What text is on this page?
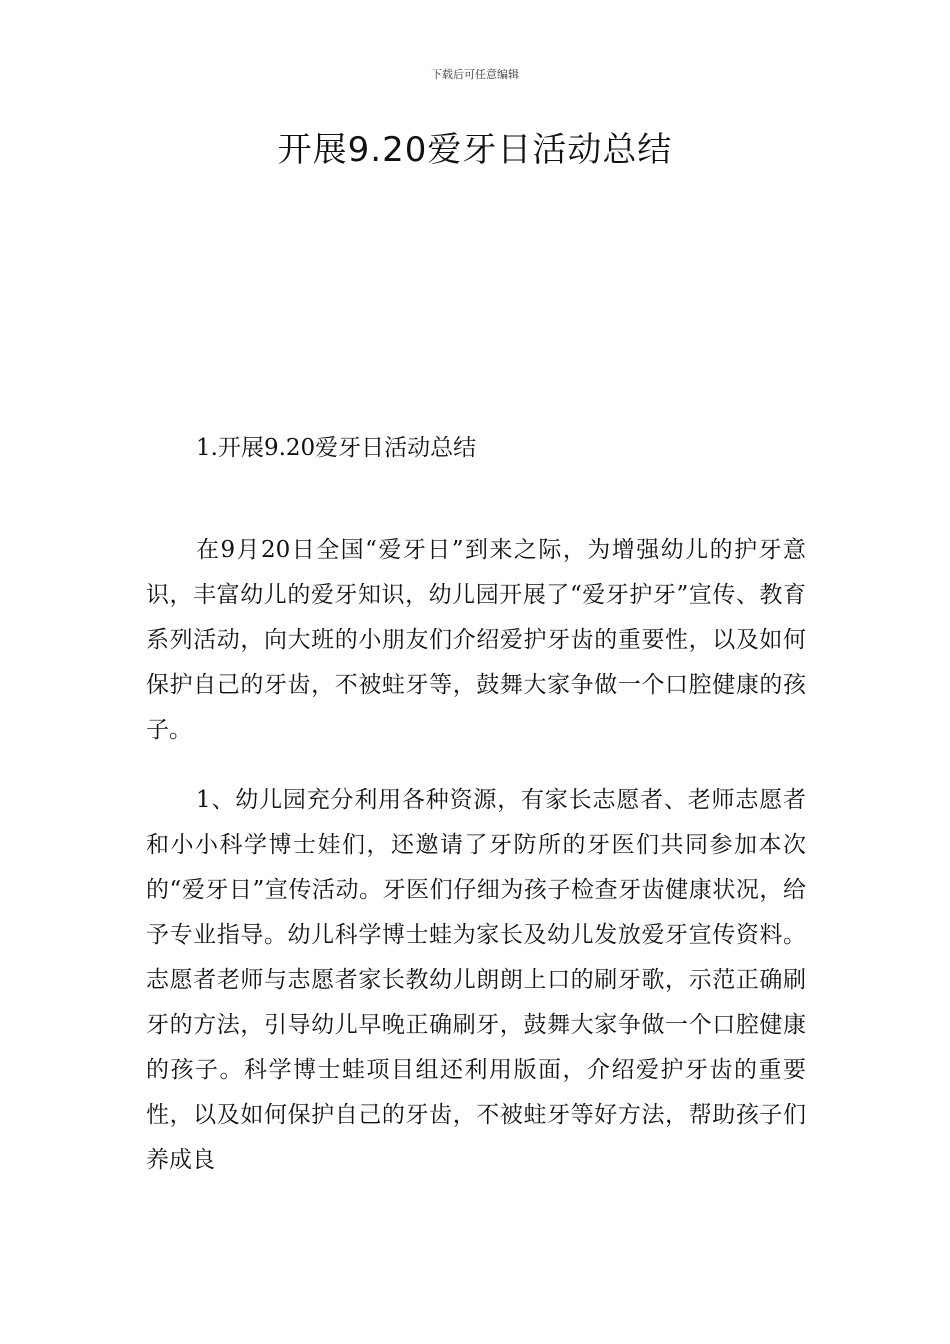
下载后可任意编辑
开展9.20爱牙日活动总结
1.开展9.20爱牙日活动总结

在9月20日全国“爱牙日”到来之际，为增强幼儿的护牙意识，丰富幼儿的爱牙知识，幼儿园开展了“爱牙护牙”宣传、教育系列活动，向大班的小朋友们介绍爱护牙齿的重要性，以及如何保护自己的牙齿，不被蛀牙等，鼓舞大家争做一个口腔健康的孩子。

1、幼儿园充分利用各种资源，有家长志愿者、老师志愿者和小小科学博士娃们，还邀请了牙防所的牙医们共同参加本次的“爱牙日”宣传活动。牙医们仔细为孩子检查牙齿健康状况，给予专业指导。幼儿科学博士蛙为家长及幼儿发放爱牙宣传资料。志愿者老师与志愿者家长教幼儿朗朗上口的刷牙歌，示范正确刷牙的方法，引导幼儿早晚正确刷牙，鼓舞大家争做一个口腔健康的孩子。科学博士蛙项目组还利用版面，介绍爱护牙齿的重要性，以及如何保护自己的牙齿，不被蛀牙等好方法，帮助孩子们养成良
